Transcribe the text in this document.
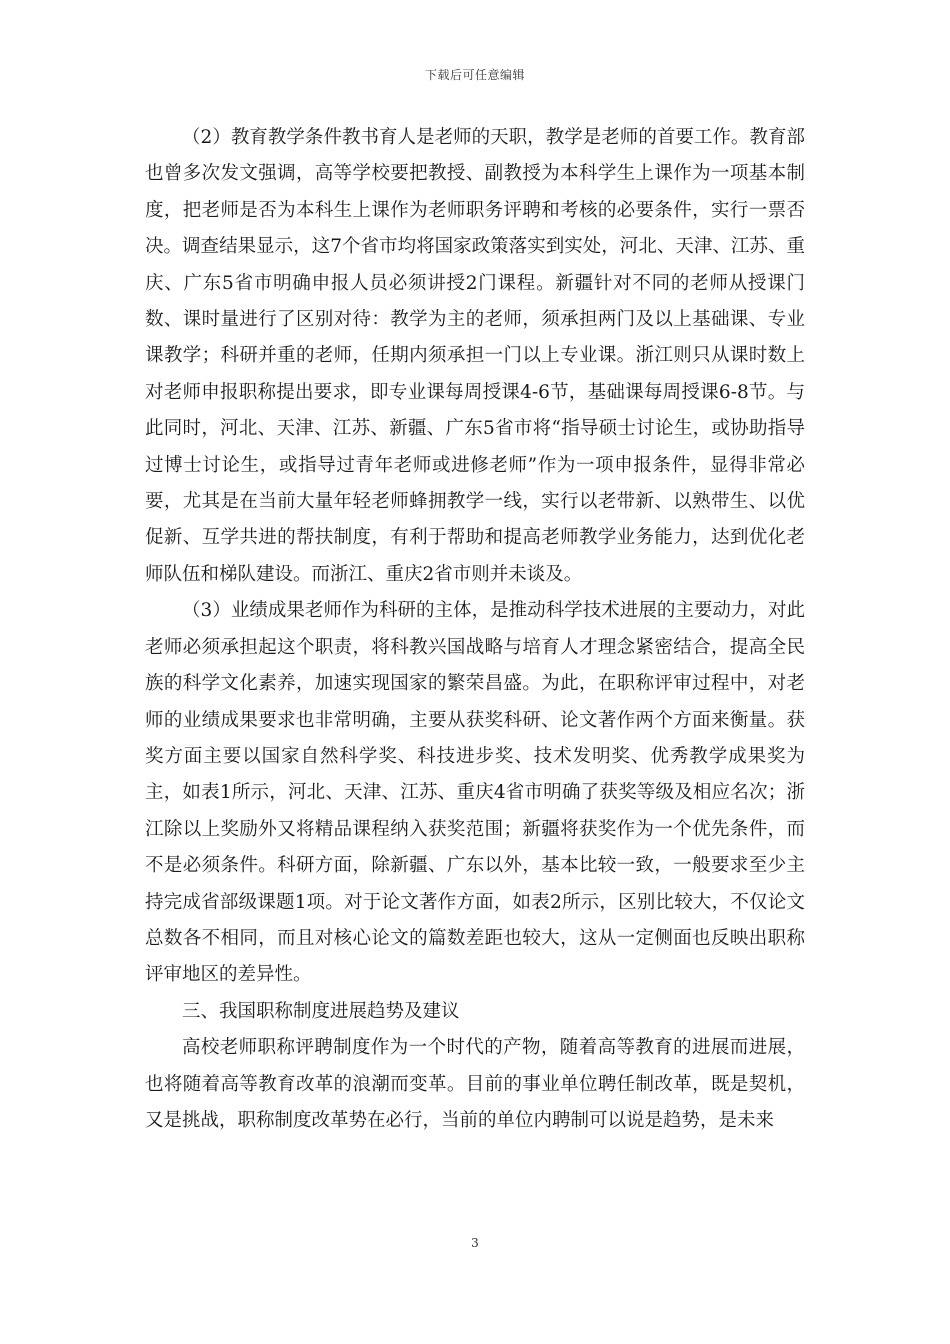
下载后可任意编辑

（2）教育教学条件教书育人是老师的天职，教学是老师的首要工作。教育部也曾多次发文强调，高等学校要把教授、副教授为本科学生上课作为一项基本制度，把老师是否为本科生上课作为老师职务评聘和考核的必要条件，实行一票否决。调查结果显示，这7个省市均将国家政策落实到实处，河北、天津、江苏、重庆、广东5省市明确申报人员必须讲授2门课程。新疆针对不同的老师从授课门数、课时量进行了区别对待：教学为主的老师，须承担两门及以上基础课、专业课教学；科研并重的老师，任期内须承担一门以上专业课。浙江则只从课时数上对老师申报职称提出要求，即专业课每周授课4-6节，基础课每周授课6-8节。与此同时，河北、天津、江苏、新疆、广东5省市将“指导硕士讨论生，或协助指导过博士讨论生，或指导过青年老师或进修老师”作为一项申报条件，显得非常必要，尤其是在当前大量年轻老师蜂拥教学一线，实行以老带新、以熟带生、以优促新、互学共进的帮扶制度，有利于帮助和提高老师教学业务能力，达到优化老师队伍和梯队建设。而浙江、重庆2省市则并未谈及。

（3）业绩成果老师作为科研的主体，是推动科学技术进展的主要动力，对此老师必须承担起这个职责，将科教兴国战略与培育人才理念紧密结合，提高全民族的科学文化素养，加速实现国家的繁荣昌盛。为此，在职称评审过程中，对老师的业绩成果要求也非常明确，主要从获奖科研、论文著作两个方面来衡量。获奖方面主要以国家自然科学奖、科技进步奖、技术发明奖、优秀教学成果奖为主，如表1所示，河北、天津、江苏、重庆4省市明确了获奖等级及相应名次；浙江除以上奖励外又将精品课程纳入获奖范围；新疆将获奖作为一个优先条件，而不是必须条件。科研方面，除新疆、广东以外，基本比较一致，一般要求至少主持完成省部级课题1项。对于论文著作方面，如表2所示，区别比较大，不仅论文总数各不相同，而且对核心论文的篇数差距也较大，这从一定侧面也反映出职称评审地区的差异性。

三、我国职称制度进展趋势及建议

高校老师职称评聘制度作为一个时代的产物，随着高等教育的进展而进展，也将随着高等教育改革的浪潮而变革。目前的事业单位聘任制改革，既是契机，又是挑战，职称制度改革势在必行，当前的单位内聘制可以说是趋势，是未来

3
